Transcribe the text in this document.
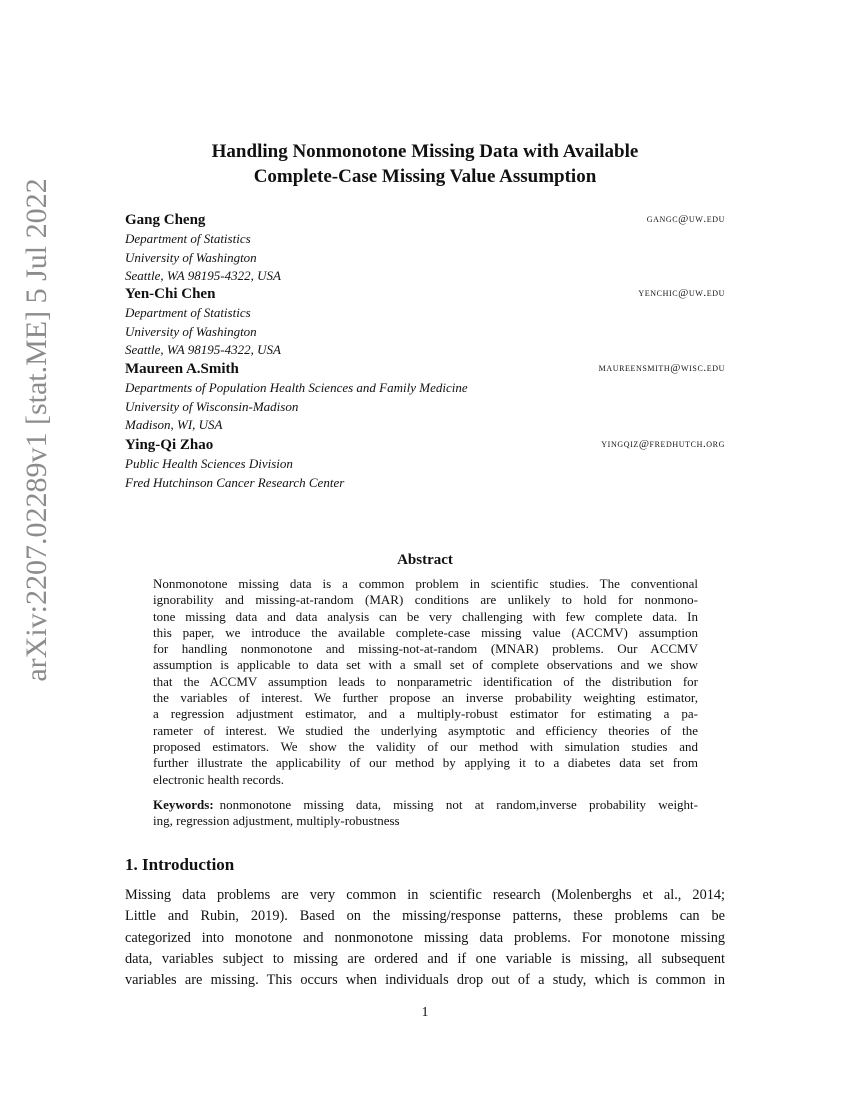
arXiv:2207.02289v1 [stat.ME] 5 Jul 2022
Handling Nonmonotone Missing Data with Available
Complete-Case Missing Value Assumption
Gang Cheng	gangc@uw.edu
Department of Statistics
University of Washington
Seattle, WA 98195-4322, USA
Yen-Chi Chen	yenchic@uw.edu
Department of Statistics
University of Washington
Seattle, WA 98195-4322, USA
Maureen A.Smith	maureensmith@wisc.edu
Departments of Population Health Sciences and Family Medicine
University of Wisconsin-Madison
Madison, WI, USA
Ying-Qi Zhao	yingqiz@fredhutch.org
Public Health Sciences Division
Fred Hutchinson Cancer Research Center
Abstract
Nonmonotone missing data is a common problem in scientific studies. The conventional
ignorability and missing-at-random (MAR) conditions are unlikely to hold for nonmono-
tone missing data and data analysis can be very challenging with few complete data. In
this paper, we introduce the available complete-case missing value (ACCMV) assumption
for handling nonmonotone and missing-not-at-random (MNAR) problems. Our ACCMV
assumption is applicable to data set with a small set of complete observations and we show
that the ACCMV assumption leads to nonparametric identification of the distribution for
the variables of interest. We further propose an inverse probability weighting estimator,
a regression adjustment estimator, and a multiply-robust estimator for estimating a pa-
rameter of interest. We studied the underlying asymptotic and efficiency theories of the
proposed estimators. We show the validity of our method with simulation studies and
further illustrate the applicability of our method by applying it to a diabetes data set from
electronic health records.
Keywords: nonmonotone missing data, missing not at random,inverse probability weight-
ing, regression adjustment, multiply-robustness
1. Introduction
Missing data problems are very common in scientific research (Molenberghs et al., 2014;
Little and Rubin, 2019). Based on the missing/response patterns, these problems can be
categorized into monotone and nonmonotone missing data problems. For monotone missing
data, variables subject to missing are ordered and if one variable is missing, all subsequent
variables are missing. This occurs when individuals drop out of a study, which is common in
1
